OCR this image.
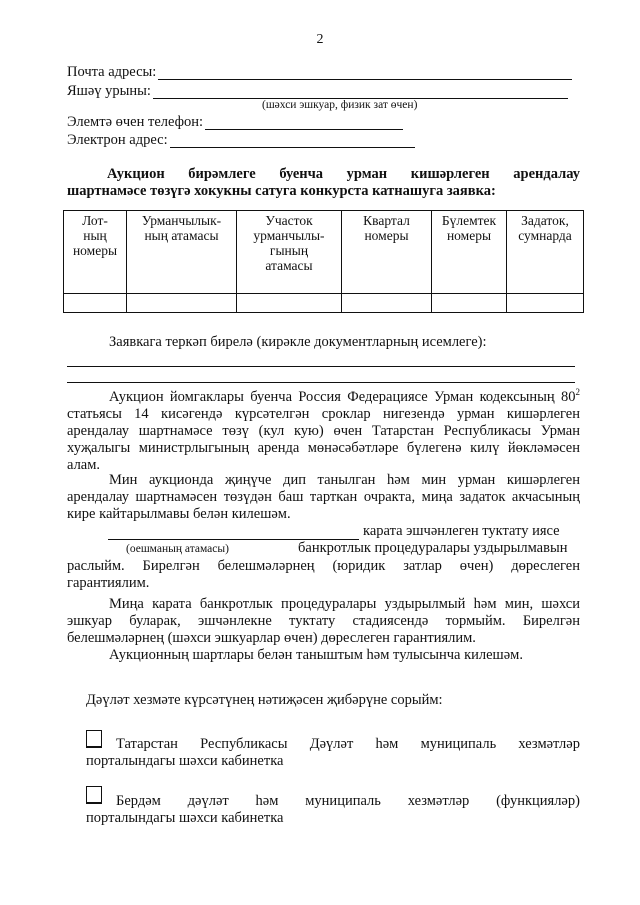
2
Почта адресы:
Яшәү урыны:
(шәхси эшкуар, физик зат өчен)
Элемтә өчен телефон:
Электрон адрес:
Аукцион бирәмлеге буенча урман кишәрлеген арендалау
шартнамәсе төзүгә хокукны сатуга конкурста катнашуга заявка:
Лот-
ның
номеры	Урманчылык-
ның атамасы	Участок
урманчылы-
гының
атамасы	Квартал
номеры	Бүлемтек
номеры	Задаток,
сумнарда

Заявкага теркәп бирелә (кирәкле документларның исемлеге):
Аукцион йомгаклары буенча Россия Федерациясе Урман кодексының $80^2$ статьясы 14 кисәгендә күрсәтелгән сроклар нигезендә урман кишәрлеген арендалау шартнамәсе төзү (кул кую) өчен Татарстан Республикасы Урман хуҗалыгы министрлыгының аренда мөнәсәбәтләре бүлегенә килү йөкләмәсен алам.
Мин аукционда җиңүче дип танылган һәм мин урман кишәрлеген арендалау шартнамәсен төзүдән баш тарткан очракта, миңа задаток акчасының кире кайтарылмавы белән килешәм.
карата эшчәнлеген туктату иясе
(оешманың атамасы)	банкротлык процедуралары уздырылмавын
раслыйм. Бирелгән белешмәләрнең (юридик затлар өчен) дөреслеген гарантиялим.
Миңа карата банкротлык процедуралары уздырылмый һәм мин, шәхси эшкуар буларак, эшчәнлекне туктату стадиясендә тормыйм. Бирелгән белешмәләрнең (шәхси эшкуарлар өчен) дөреслеген гарантиялим.
Аукционның шартлары белән таныштым һәм тулысынча килешәм.
Дәүләт хезмәте күрсәтүнең нәтиҗәсен җибәрүне сорыйм:
Татарстан Республикасы Дәүләт һәм муниципаль хезмәтләр
порталындагы шәхси кабинетка
Бердәм дәүләт һәм муниципаль хезмәтләр (функцияләр)
порталындагы шәхси кабинетка
